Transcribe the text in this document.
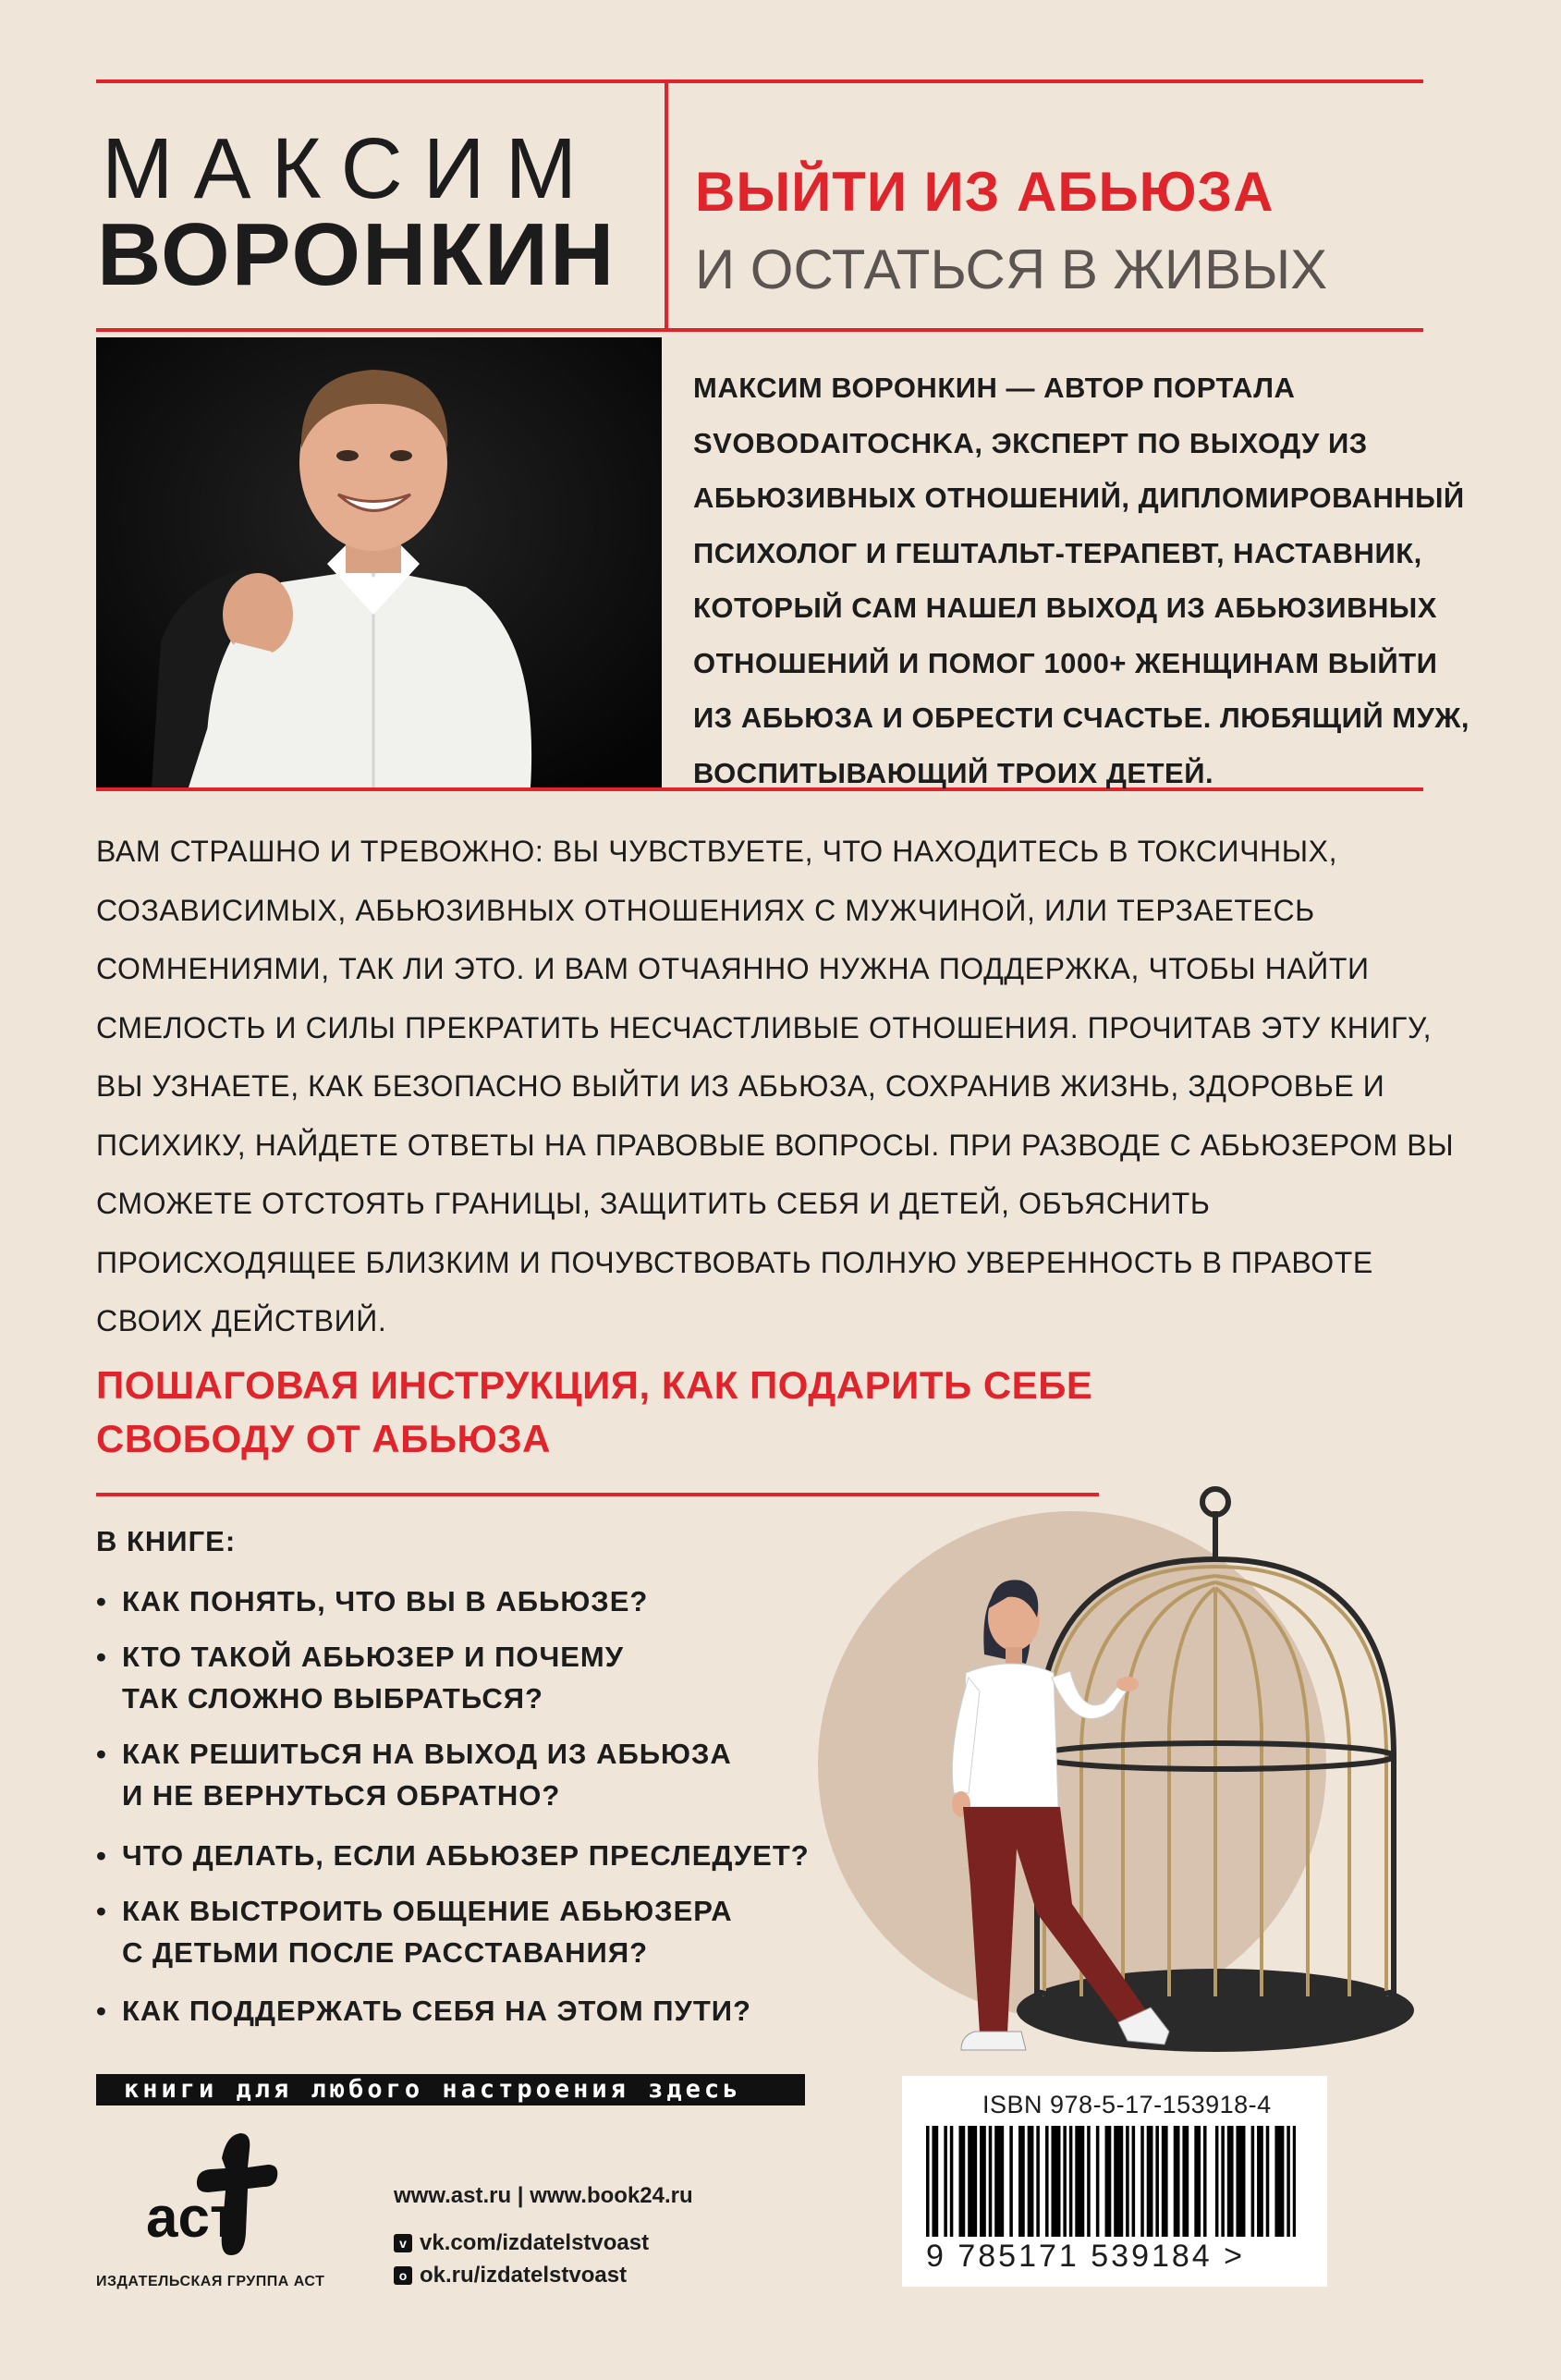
МАКСИМ
ВОРОНКИН
ВЫЙТИ ИЗ АБЬЮЗА
И ОСТАТЬСЯ В ЖИВЫХ
МАКСИМ ВОРОНКИН — АВТОР ПОРТАЛА SVOBODAITOCHKA, ЭКСПЕРТ ПО ВЫХОДУ ИЗ АБЬЮЗИВНЫХ ОТНОШЕНИЙ, ДИПЛОМИРОВАННЫЙ ПСИХОЛОГ И ГЕШТАЛЬТ-ТЕРАПЕВТ, НАСТАВНИК, КОТОРЫЙ САМ НАШЕЛ ВЫХОД ИЗ АБЬЮЗИВНЫХ ОТНОШЕНИЙ И ПОМОГ 1000+ ЖЕНЩИНАМ ВЫЙТИ ИЗ АБЬЮЗА И ОБРЕСТИ СЧАСТЬЕ. ЛЮБЯЩИЙ МУЖ, ВОСПИТЫВАЮЩИЙ ТРОИХ ДЕТЕЙ.
ВАМ СТРАШНО И ТРЕВОЖНО: ВЫ ЧУВСТВУЕТЕ, ЧТО НАХОДИТЕСЬ В ТОКСИЧНЫХ, СОЗАВИСИМЫХ, АБЬЮЗИВНЫХ ОТНОШЕНИЯХ С МУЖЧИНОЙ, ИЛИ ТЕРЗАЕТЕСЬ СОМНЕНИЯМИ, ТАК ЛИ ЭТО. И ВАМ ОТЧАЯННО НУЖНА ПОДДЕРЖКА, ЧТОБЫ НАЙТИ СМЕЛОСТЬ И СИЛЫ ПРЕКРАТИТЬ НЕСЧАСТЛИВЫЕ ОТНОШЕНИЯ. ПРОЧИТАВ ЭТУ КНИГУ, ВЫ УЗНАЕТЕ, КАК БЕЗОПАСНО ВЫЙТИ ИЗ АБЬЮЗА, СОХРАНИВ ЖИЗНЬ, ЗДОРОВЬЕ И ПСИХИКУ, НАЙДЕТЕ ОТВЕТЫ НА ПРАВОВЫЕ ВОПРОСЫ. ПРИ РАЗВОДЕ С АБЬЮЗЕРОМ ВЫ СМОЖЕТЕ ОТСТОЯТЬ ГРАНИЦЫ, ЗАЩИТИТЬ СЕБЯ И ДЕТЕЙ, ОБЪЯСНИТЬ ПРОИСХОДЯЩЕЕ БЛИЗКИМ И ПОЧУВСТВОВАТЬ ПОЛНУЮ УВЕРЕННОСТЬ В ПРАВОТЕ СВОИХ ДЕЙСТВИЙ.
ПОШАГОВАЯ ИНСТРУКЦИЯ, КАК ПОДАРИТЬ СЕБЕ СВОБОДУ ОТ АБЬЮЗА
В КНИГЕ:
• КАК ПОНЯТЬ, ЧТО ВЫ В АБЬЮЗЕ?
• КТО ТАКОЙ АБЬЮЗЕР И ПОЧЕМУ
ТАК СЛОЖНО ВЫБРАТЬСЯ?
• КАК РЕШИТЬСЯ НА ВЫХОД ИЗ АБЬЮЗА
И НЕ ВЕРНУТЬСЯ ОБРАТНО?
• ЧТО ДЕЛАТЬ, ЕСЛИ АБЬЮЗЕР ПРЕСЛЕДУЕТ?
• КАК ВЫСТРОИТЬ ОБЩЕНИЕ АБЬЮЗЕРА
С ДЕТЬМИ ПОСЛЕ РАССТАВАНИЯ?
• КАК ПОДДЕРЖАТЬ СЕБЯ НА ЭТОМ ПУТИ?
книги для любого настроения здесь
аст
ИЗДАТЕЛЬСКАЯ ГРУППА АСТ
www.ast.ru | www.book24.ru
v vk.com/izdatelstvoast
o ok.ru/izdatelstvoast
ISBN 978-5-17-153918-4
9 785171 539184 >
